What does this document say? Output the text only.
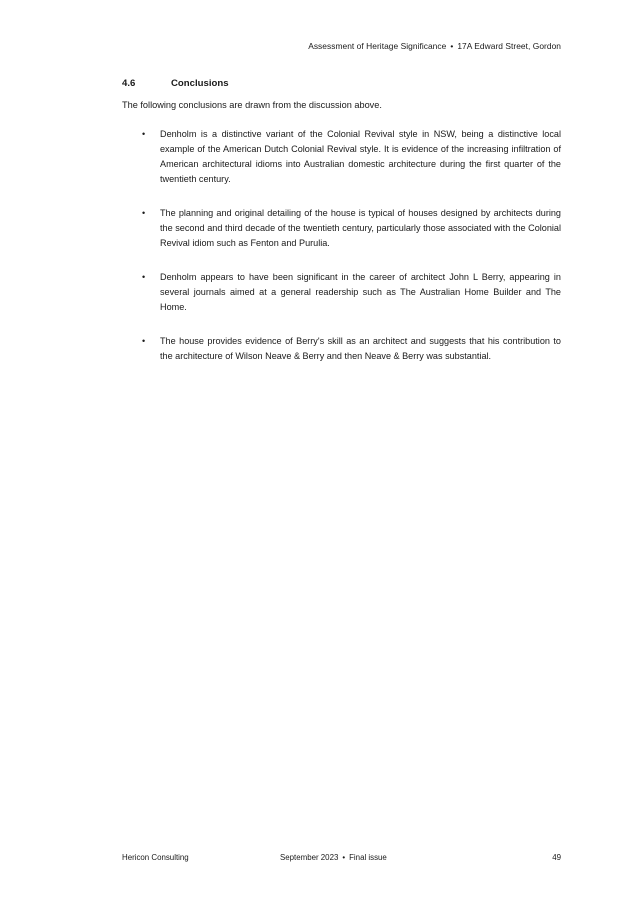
Assessment of Heritage Significance • 17A Edward Street, Gordon
4.6	Conclusions
The following conclusions are drawn from the discussion above.
• Denholm is a distinctive variant of the Colonial Revival style in NSW, being a distinctive local example of the American Dutch Colonial Revival style. It is evidence of the increasing infiltration of American architectural idioms into Australian domestic architecture during the first quarter of the twentieth century.
• The planning and original detailing of the house is typical of houses designed by architects during the second and third decade of the twentieth century, particularly those associated with the Colonial Revival idiom such as Fenton and Purulia.
• Denholm appears to have been significant in the career of architect John L Berry, appearing in several journals aimed at a general readership such as The Australian Home Builder and The Home.
• The house provides evidence of Berry's skill as an architect and suggests that his contribution to the architecture of Wilson Neave & Berry and then Neave & Berry was substantial.
Hericon Consulting	September 2023 • Final issue	49
